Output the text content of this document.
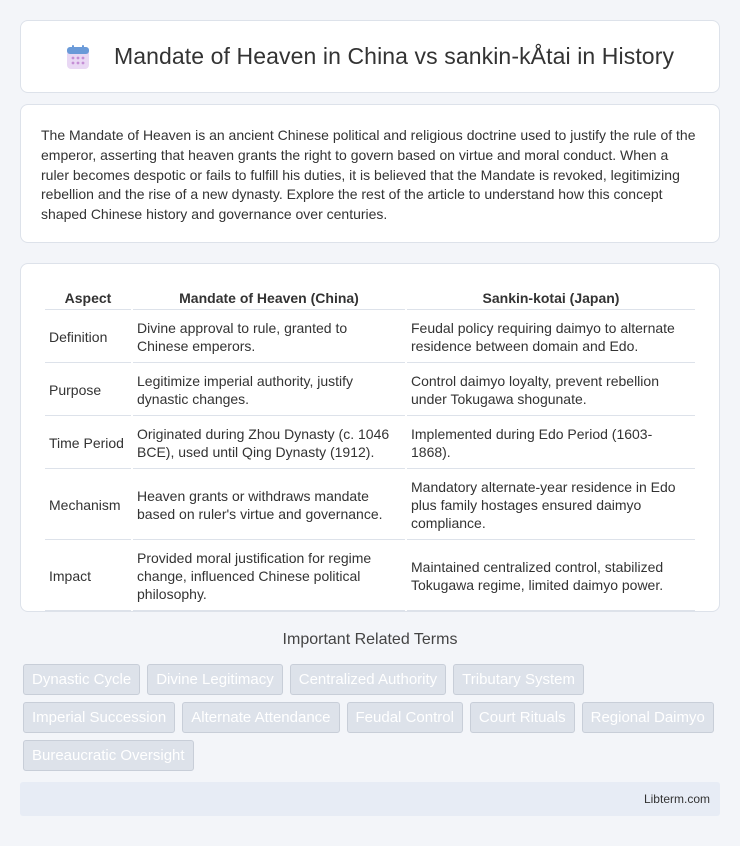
Mandate of Heaven in China vs sankin-kÅtai in History

The Mandate of Heaven is an ancient Chinese political and religious doctrine used to justify the rule of the emperor, asserting that heaven grants the right to govern based on virtue and moral conduct. When a ruler becomes despotic or fails to fulfill his duties, it is believed that the Mandate is revoked, legitimizing rebellion and the rise of a new dynasty. Explore the rest of the article to understand how this concept shaped Chinese history and governance over centuries.

Aspect	Mandate of Heaven (China)	Sankin-kotai (Japan)
Definition	Divine approval to rule, granted to Chinese emperors.	Feudal policy requiring daimyo to alternate residence between domain and Edo.
Purpose	Legitimize imperial authority, justify dynastic changes.	Control daimyo loyalty, prevent rebellion under Tokugawa shogunate.
Time Period	Originated during Zhou Dynasty (c. 1046 BCE), used until Qing Dynasty (1912).	Implemented during Edo Period (1603-1868).
Mechanism	Heaven grants or withdraws mandate based on ruler's virtue and governance.	Mandatory alternate-year residence in Edo plus family hostages ensured daimyo compliance.
Impact	Provided moral justification for regime change, influenced Chinese political philosophy.	Maintained centralized control, stabilized Tokugawa regime, limited daimyo power.
Important Related Terms
Dynastic Cycle	Divine Legitimacy	Centralized Authority	Tributary System
Imperial Succession	Alternate Attendance	Feudal Control	Court Rituals	Regional Daimyo
Bureaucratic Oversight
Libterm.com
